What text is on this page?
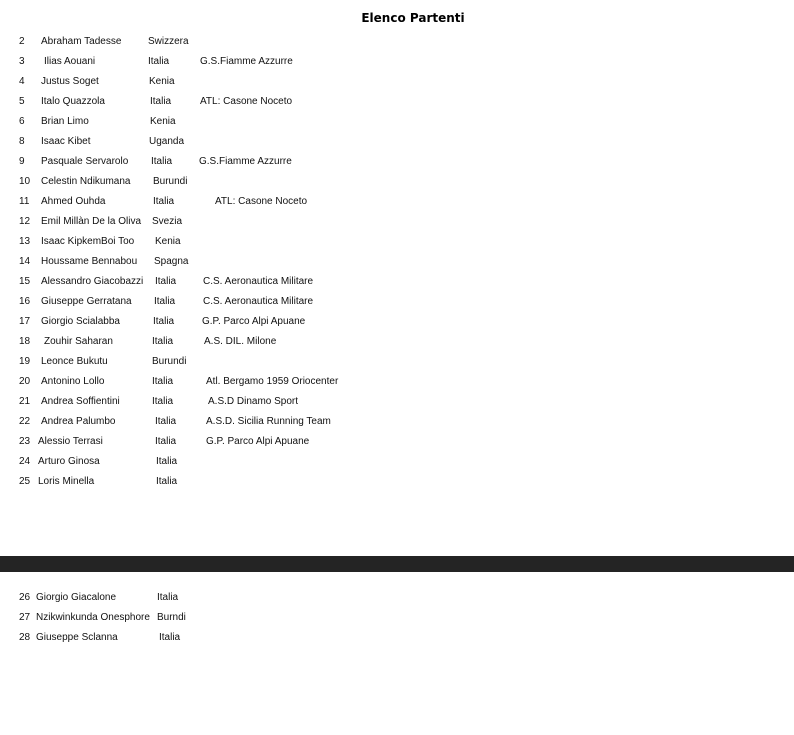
Elenco Partenti
2 Abraham Tadesse	Swizzera
3 Ilias Aouani	Italia	G.S.Fiamme Azzurre
4 Justus Soget	Kenia
5 Italo Quazzola	Italia	ATL: Casone Noceto
6 Brian Limo	Kenia
8 Isaac Kibet	Uganda
9 Pasquale Servarolo Italia	G.S.Fiamme Azzurre
10 Celestin Ndikumana Burundi
11 Ahmed Ouhda	Italia	ATL: Casone Noceto
12 Emil Millàn De la Oliva Svezia
13 Isaac KipkemBoi Too Kenia
14 Houssame Bennabou Spagna
15 Alessandro Giacobazzi Italia	C.S. Aeronautica Militare
16 Giuseppe Gerratana Italia	C.S. Aeronautica Militare
17 Giorgio Scialabba	Italia	G.P. Parco Alpi Apuane
18 Zouhir Saharan	Italia	A.S. DIL. Milone
19 Leonce Bukutu	Burundi
20 Antonino Lollo	Italia	Atl. Bergamo 1959 Oriocenter
21 Andrea Soffientini	Italia	A.S.D Dinamo Sport
22 Andrea Palumbo	Italia	A.S.D. Sicilia Running Team
23 Alessio Terrasi	Italia	G.P. Parco Alpi Apuane
24 Arturo Ginosa	Italia
25 Loris Minella	Italia
26 Giorgio Giacalone	Italia
27 Nzikwinkunda Onesphore Burndi
28 Giuseppe Sclanna	Italia
